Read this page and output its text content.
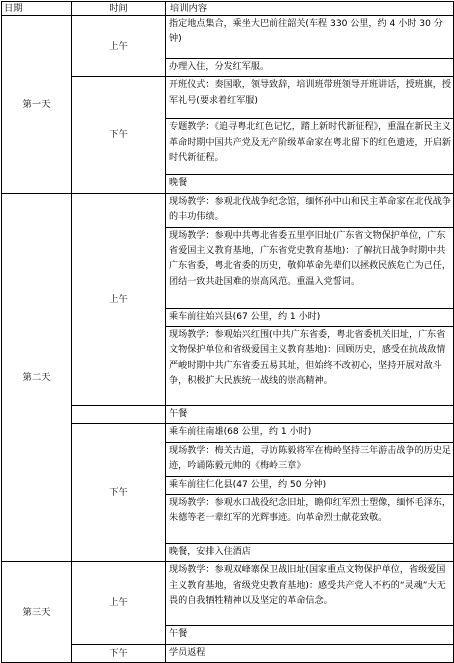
日期	时间	培训内容
第一天	上午	指定地点集合，乘坐大巴前往韶关(车程 330 公里，约 4 小时 30 分钟)
		办理入住，分发红军服。
	下午	开班仪式：奏国歌，领导致辞，培训班带班领导开班讲话，授班旗，授军礼号(要求着红军服)
		专题教学：《追寻粤北红色记忆，踏上新时代新征程》，重温在新民主义革命时期中国共产党及无产阶级革命家在粤北留下的红色遗迹，开启新时代新征程。
		晚餐
第二天	上午	现场教学：参观北伐战争纪念馆，缅怀孙中山和民主革命家在北伐战争的丰功伟绩。
		现场教学：参观中共粤北省委五里亭旧址(广东省文物保护单位，广东省爱国主义教育基地，广东省党史教育基地)：了解抗日战争时期中共广东省委，粤北省委的历史，敬仰革命先辈们以拯救民族危亡为己任，团结一致共赴国难的崇高风范。重温入党誓词。
		乘车前往始兴县(67 公里，约 1 小时)
		现场教学：参观始兴红围(中共广东省委，粤北省委机关旧址，广东省文物保护单位和省级爱国主义教育基地)：回顾历史，感受在抗战敌情严峻时期中共广东省委五易其址，但始终不改初心，坚持开展对敌斗争，积极扩大民族统一战线的崇高精神。
		午餐
	下午	乘车前往南雄(68 公里，约 1 小时)
		现场教学：梅关古道，寻访陈毅将军在梅岭坚持三年游击战争的历史足迹，吟诵陈毅元帅的《梅岭三章》
		乘车前往仁化县(47 公里，约 50 分钟)
		现场教学：参观水口战役纪念旧址，瞻仰红军烈士塑像，缅怀毛泽东，朱德等老一辈红军的光辉事迹。向革命烈士献花致敬。
		晚餐，安排入住酒店
第三天	上午	现场教学：参观双峰寨保卫战旧址(国家重点文物保护单位，省级爱国主义教育基地，省级党史教育基地)：感受共产党人不朽的“灵魂”大无畏的自我牺牲精神以及坚定的革命信念。
		午餐
	下午	学员返程
